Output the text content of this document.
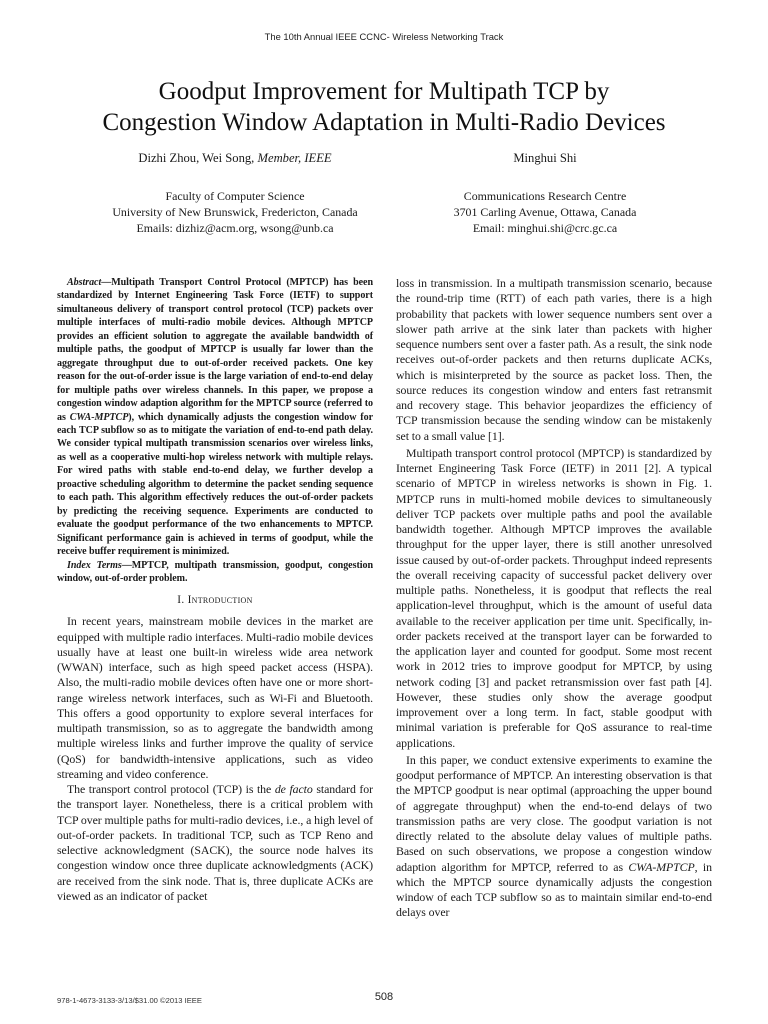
The 10th Annual IEEE CCNC- Wireless Networking Track
Goodput Improvement for Multipath TCP by
Congestion Window Adaptation in Multi-Radio Devices
Dizhi Zhou, Wei Song, Member, IEEE	Minghui Shi
Faculty of Computer Science
University of New Brunswick, Fredericton, Canada
Emails: dizhiz@acm.org, wsong@unb.ca
Communications Research Centre
3701 Carling Avenue, Ottawa, Canada
Email: minghui.shi@crc.gc.ca

Abstract—Multipath Transport Control Protocol (MPTCP) has been standardized by Internet Engineering Task Force (IETF) to support simultaneous delivery of transport control protocol (TCP) packets over multiple interfaces of multi-radio mobile devices. Although MPTCP provides an efficient solution to aggregate the available bandwidth of multiple paths, the goodput of MPTCP is usually far lower than the aggregate throughput due to out-of-order received packets. One key reason for the out-of-order issue is the large variation of end-to-end delay for multiple paths over wireless channels. In this paper, we propose a congestion window adaption algorithm for the MPTCP source (referred to as CWA-MPTCP), which dynamically adjusts the congestion window for each TCP subflow so as to mitigate the variation of end-to-end path delay. We consider typical multipath transmission scenarios over wireless links, as well as a cooperative multi-hop wireless network with multiple relays. For wired paths with stable end-to-end delay, we further develop a proactive scheduling algorithm to determine the packet sending sequence to each path. This algorithm effectively reduces the out-of-order packets by predicting the receiving sequence. Experiments are conducted to evaluate the goodput performance of the two enhancements to MPTCP. Significant performance gain is achieved in terms of goodput, while the receive buffer requirement is minimized.

Index Terms—MPTCP, multipath transmission, goodput, congestion window, out-of-order problem.

I. Introduction

In recent years, mainstream mobile devices in the market are equipped with multiple radio interfaces. Multi-radio mobile devices usually have at least one built-in wireless wide area network (WWAN) interface, such as high speed packet access (HSPA). Also, the multi-radio mobile devices often have one or more short-range wireless network interfaces, such as Wi-Fi and Bluetooth. This offers a good opportunity to explore several interfaces for multipath transmission, so as to aggregate the bandwidth among multiple wireless links and further improve the quality of service (QoS) for bandwidth-intensive applications, such as video streaming and video conference.

The transport control protocol (TCP) is the de facto standard for the transport layer. Nonetheless, there is a critical problem with TCP over multiple paths for multi-radio devices, i.e., a high level of out-of-order packets. In traditional TCP, such as TCP Reno and selective acknowledgment (SACK), the source node halves its congestion window once three duplicate acknowledgments (ACK) are received from the sink node. That is, three duplicate ACKs are viewed as an indicator of packet

loss in transmission. In a multipath transmission scenario, because the round-trip time (RTT) of each path varies, there is a high probability that packets with lower sequence numbers sent over a slower path arrive at the sink later than packets with higher sequence numbers sent over a faster path. As a result, the sink node receives out-of-order packets and then returns duplicate ACKs, which is misinterpreted by the source as packet loss. Then, the source reduces its congestion window and enters fast retransmit and recovery stage. This behavior jeopardizes the efficiency of TCP transmission because the sending window can be mistakenly set to a small value [1].

Multipath transport control protocol (MPTCP) is standardized by Internet Engineering Task Force (IETF) in 2011 [2]. A typical scenario of MPTCP in wireless networks is shown in Fig. 1. MPTCP runs in multi-homed mobile devices to simultaneously deliver TCP packets over multiple paths and pool the available bandwidth together. Although MPTCP improves the available throughput for the upper layer, there is still another unresolved issue caused by out-of-order packets. Throughput indeed represents the overall receiving capacity of successful packet delivery over multiple paths. Nonetheless, it is goodput that reflects the real application-level throughput, which is the amount of useful data available to the receiver application per time unit. Specifically, in-order packets received at the transport layer can be forwarded to the application layer and counted for goodput. Some most recent work in 2012 tries to improve goodput for MPTCP, by using network coding [3] and packet retransmission over fast path [4]. However, these studies only show the average goodput improvement over a long term. In fact, stable goodput with minimal variation is preferable for QoS assurance to real-time applications.

In this paper, we conduct extensive experiments to examine the goodput performance of MPTCP. An interesting observation is that the MPTCP goodput is near optimal (approaching the upper bound of aggregate throughput) when the end-to-end delays of two transmission paths are very close. The goodput variation is not directly related to the absolute delay values of multiple paths. Based on such observations, we propose a congestion window adaption algorithm for MPTCP, referred to as CWA-MPTCP, in which the MPTCP source dynamically adjusts the congestion window of each TCP subflow so as to maintain similar end-to-end delays over

978-1-4673-3133-3/13/$31.00 ©2013 IEEE	508
